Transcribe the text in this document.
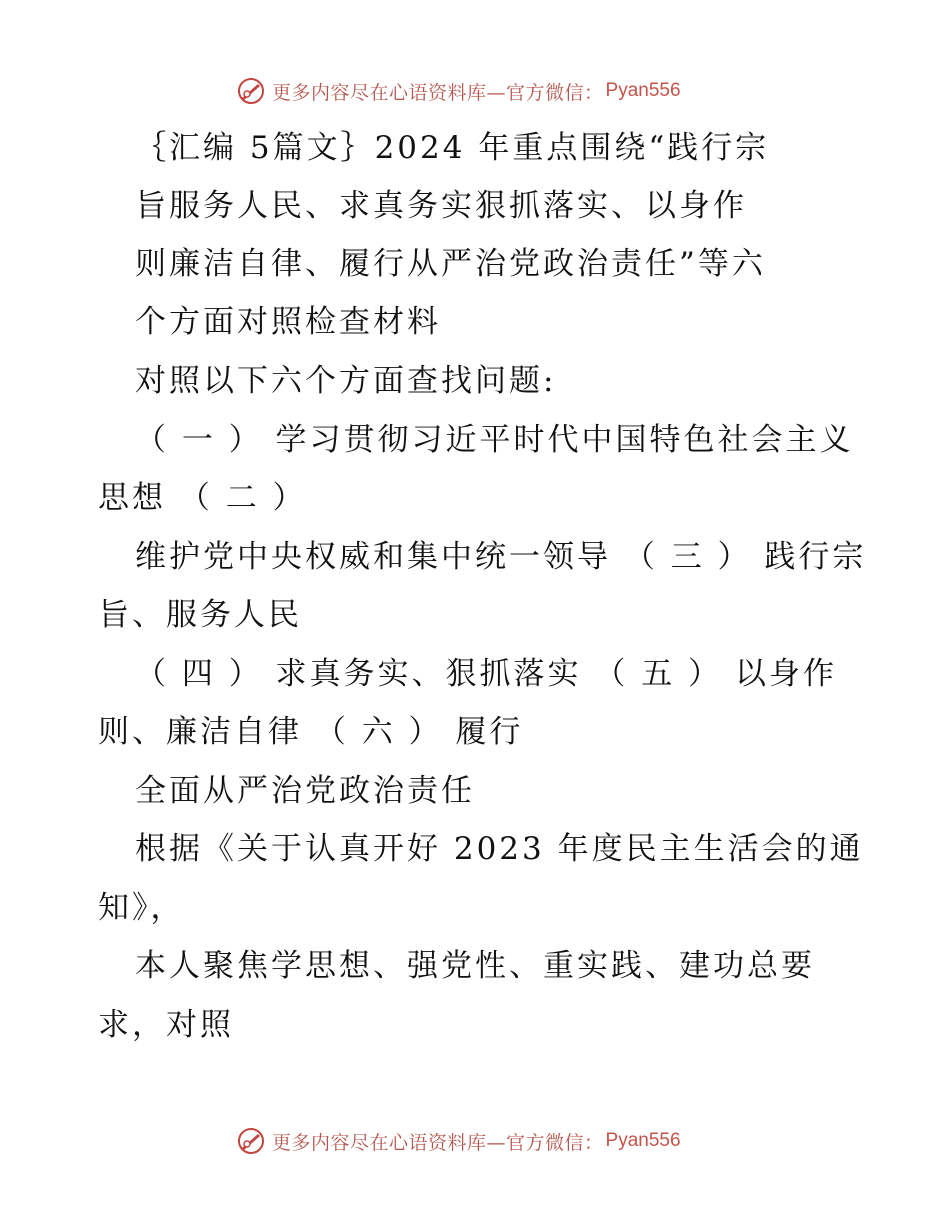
更多内容尽在心语资料库—官方微信： Pyan556
｛汇编 5篇文｝2024 年重点围绕“践行宗
旨服务人民、求真务实狠抓落实、以身作
则廉洁自律、履行从严治党政治责任”等六
个方面对照检查材料
对照以下六个方面查找问题:
（ 一 ） 学习贯彻习近平时代中国特色社会主义
思想 （ 二 ）
维护党中央权威和集中统一领导 （ 三 ） 践行宗
旨、服务人民
（ 四 ） 求真务实、狠抓落实 （ 五 ） 以身作
则、廉洁自律 （ 六 ） 履行
全面从严治党政治责任
根据《关于认真开好 2023 年度民主生活会的通
知》，
本人聚焦学思想、强党性、重实践、建功总要
求，对照
更多内容尽在心语资料库—官方微信： Pyan556
